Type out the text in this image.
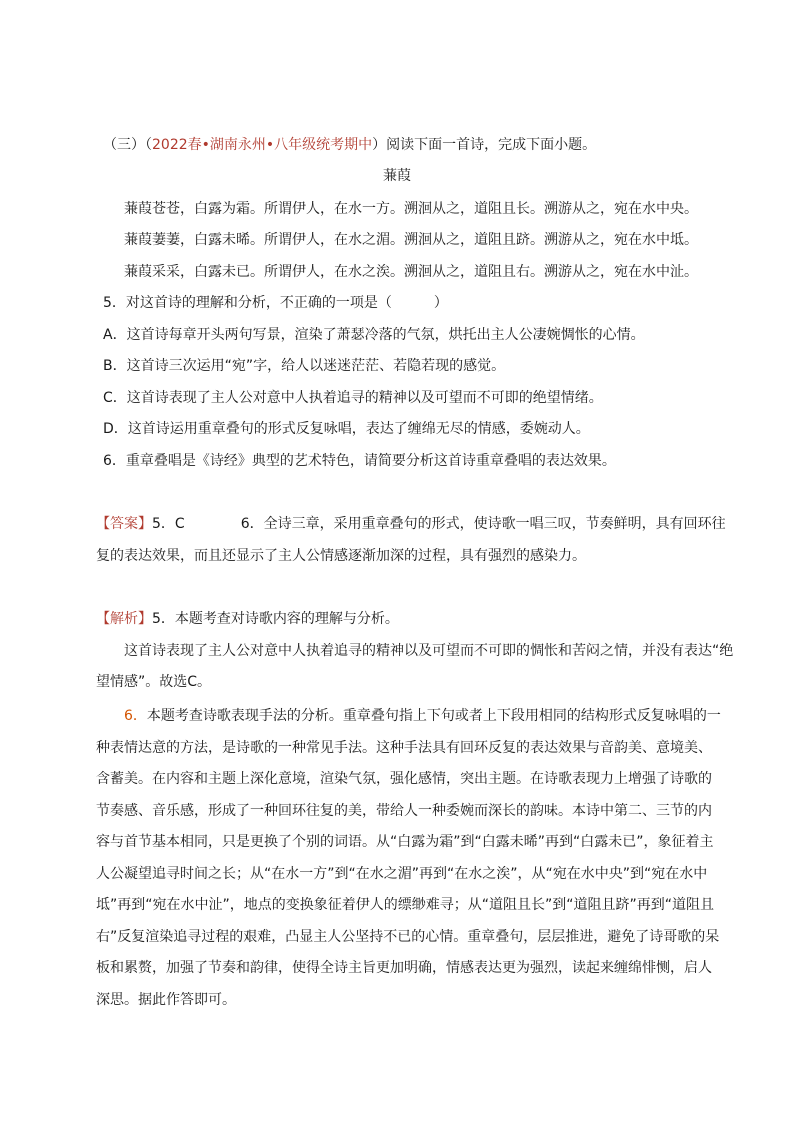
（三）（2022春•湖南永州•八年级统考期中）阅读下面一首诗，完成下面小题。
蒹葭
蒹葭苍苍，白露为霜。所谓伊人，在水一方。溯洄从之，道阻且长。溯游从之，宛在水中央。
蒹葭萋萋，白露未晞。所谓伊人，在水之湄。溯洄从之，道阻且跻。溯游从之，宛在水中坻。
蒹葭采采，白露未已。所谓伊人，在水之涘。溯洄从之，道阻且右。溯游从之，宛在水中沚。
5．对这首诗的理解和分析，不正确的一项是（　　　）
A．这首诗每章开头两句写景，渲染了萧瑟冷落的气氛，烘托出主人公凄婉惆怅的心情。
B．这首诗三次运用“宛”字，给人以迷迷茫茫、若隐若现的感觉。
C．这首诗表现了主人公对意中人执着追寻的精神以及可望而不可即的绝望情绪。
D．这首诗运用重章叠句的形式反复咏唱，表达了缠绵无尽的情感，委婉动人。
6．重章叠唱是《诗经》典型的艺术特色，请简要分析这首诗重章叠唱的表达效果。
【答案】5．C	6．全诗三章，采用重章叠句的形式，使诗歌一唱三叹，节奏鲜明，具有回环往
复的表达效果，而且还显示了主人公情感逐渐加深的过程，具有强烈的感染力。
【解析】5．本题考查对诗歌内容的理解与分析。
这首诗表现了主人公对意中人执着追寻的精神以及可望而不可即的惆怅和苦闷之情，并没有表达“绝
望情感”。故选C。
6．本题考查诗歌表现手法的分析。重章叠句指上下句或者上下段用相同的结构形式反复咏唱的一种表情达意的方法，是诗歌的一种常见手法。这种手法具有回环反复的表达效果与音韵美、意境美、含蓄美。在内容和主题上深化意境，渲染气氛，强化感情，突出主题。在诗歌表现力上增强了诗歌的节奏感、音乐感，形成了一种回环往复的美，带给人一种委婉而深长的韵味。本诗中第二、三节的内容与首节基本相同，只是更换了个别的词语。从“白露为霜”到“白露未晞”再到“白露未已”，象征着主人公凝望追寻时间之长；从“在水一方”到“在水之湄”再到“在水之涘”，从“宛在水中央”到“宛在水中坻”再到“宛在水中沚”，地点的变换象征着伊人的缥缈难寻；从“道阻且长”到“道阻且跻”再到“道阻且右”反复渲染追寻过程的艰难，凸显主人公坚持不已的心情。重章叠句，层层推进，避免了诗哥歌的呆板和累赘，加强了节奏和韵律，使得全诗主旨更加明确，情感表达更为强烈，读起来缠绵悱恻，启人深思。据此作答即可。
